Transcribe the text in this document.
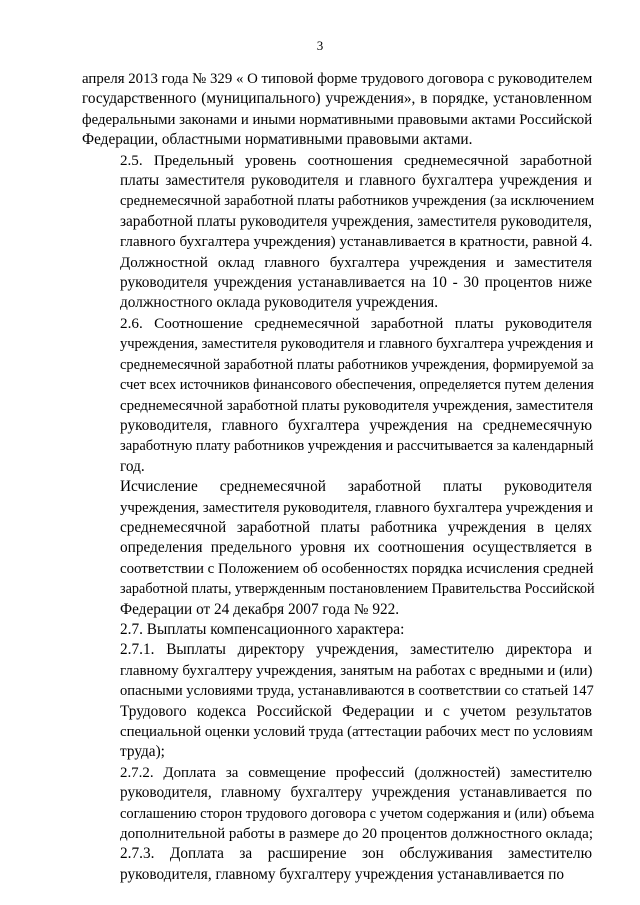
3
апреля 2013 года № 329 « О типовой форме трудового договора с руководителем
государственного (муниципального) учреждения», в порядке, установленном
федеральными законами и иными нормативными правовыми актами Российской
Федерации, областными нормативными правовыми актами.
2.5. Предельный уровень соотношения среднемесячной заработной
платы заместителя руководителя и главного бухгалтера учреждения и
среднемесячной заработной платы работников учреждения (за исключением
заработной платы руководителя учреждения, заместителя руководителя,
главного бухгалтера учреждения) устанавливается в кратности, равной 4.
Должностной оклад главного бухгалтера учреждения и заместителя
руководителя учреждения устанавливается на 10 - 30 процентов ниже
должностного оклада руководителя учреждения.
2.6. Соотношение среднемесячной заработной платы руководителя
учреждения, заместителя руководителя и главного бухгалтера учреждения и
среднемесячной заработной платы работников учреждения, формируемой за
счет всех источников финансового обеспечения, определяется путем деления
среднемесячной заработной платы руководителя учреждения, заместителя
руководителя, главного бухгалтера учреждения на среднемесячную
заработную плату работников учреждения и рассчитывается за календарный
год.
Исчисление среднемесячной заработной платы руководителя
учреждения, заместителя руководителя, главного бухгалтера учреждения и
среднемесячной заработной платы работника учреждения в целях
определения предельного уровня их соотношения осуществляется в
соответствии с Положением об особенностях порядка исчисления средней
заработной платы, утвержденным постановлением Правительства Российской
Федерации от 24 декабря 2007 года № 922.
2.7. Выплаты компенсационного характера:
2.7.1. Выплаты директору учреждения, заместителю директора и
главному бухгалтеру учреждения, занятым на работах с вредными и (или)
опасными условиями труда, устанавливаются в соответствии со статьей 147
Трудового кодекса Российской Федерации и с учетом результатов
специальной оценки условий труда (аттестации рабочих мест по условиям
труда);
2.7.2. Доплата за совмещение профессий (должностей) заместителю
руководителя, главному бухгалтеру учреждения устанавливается по
соглашению сторон трудового договора с учетом содержания и (или) объема
дополнительной работы в размере до 20 процентов должностного оклада;
2.7.3. Доплата за расширение зон обслуживания заместителю
руководителя, главному бухгалтеру учреждения устанавливается по
